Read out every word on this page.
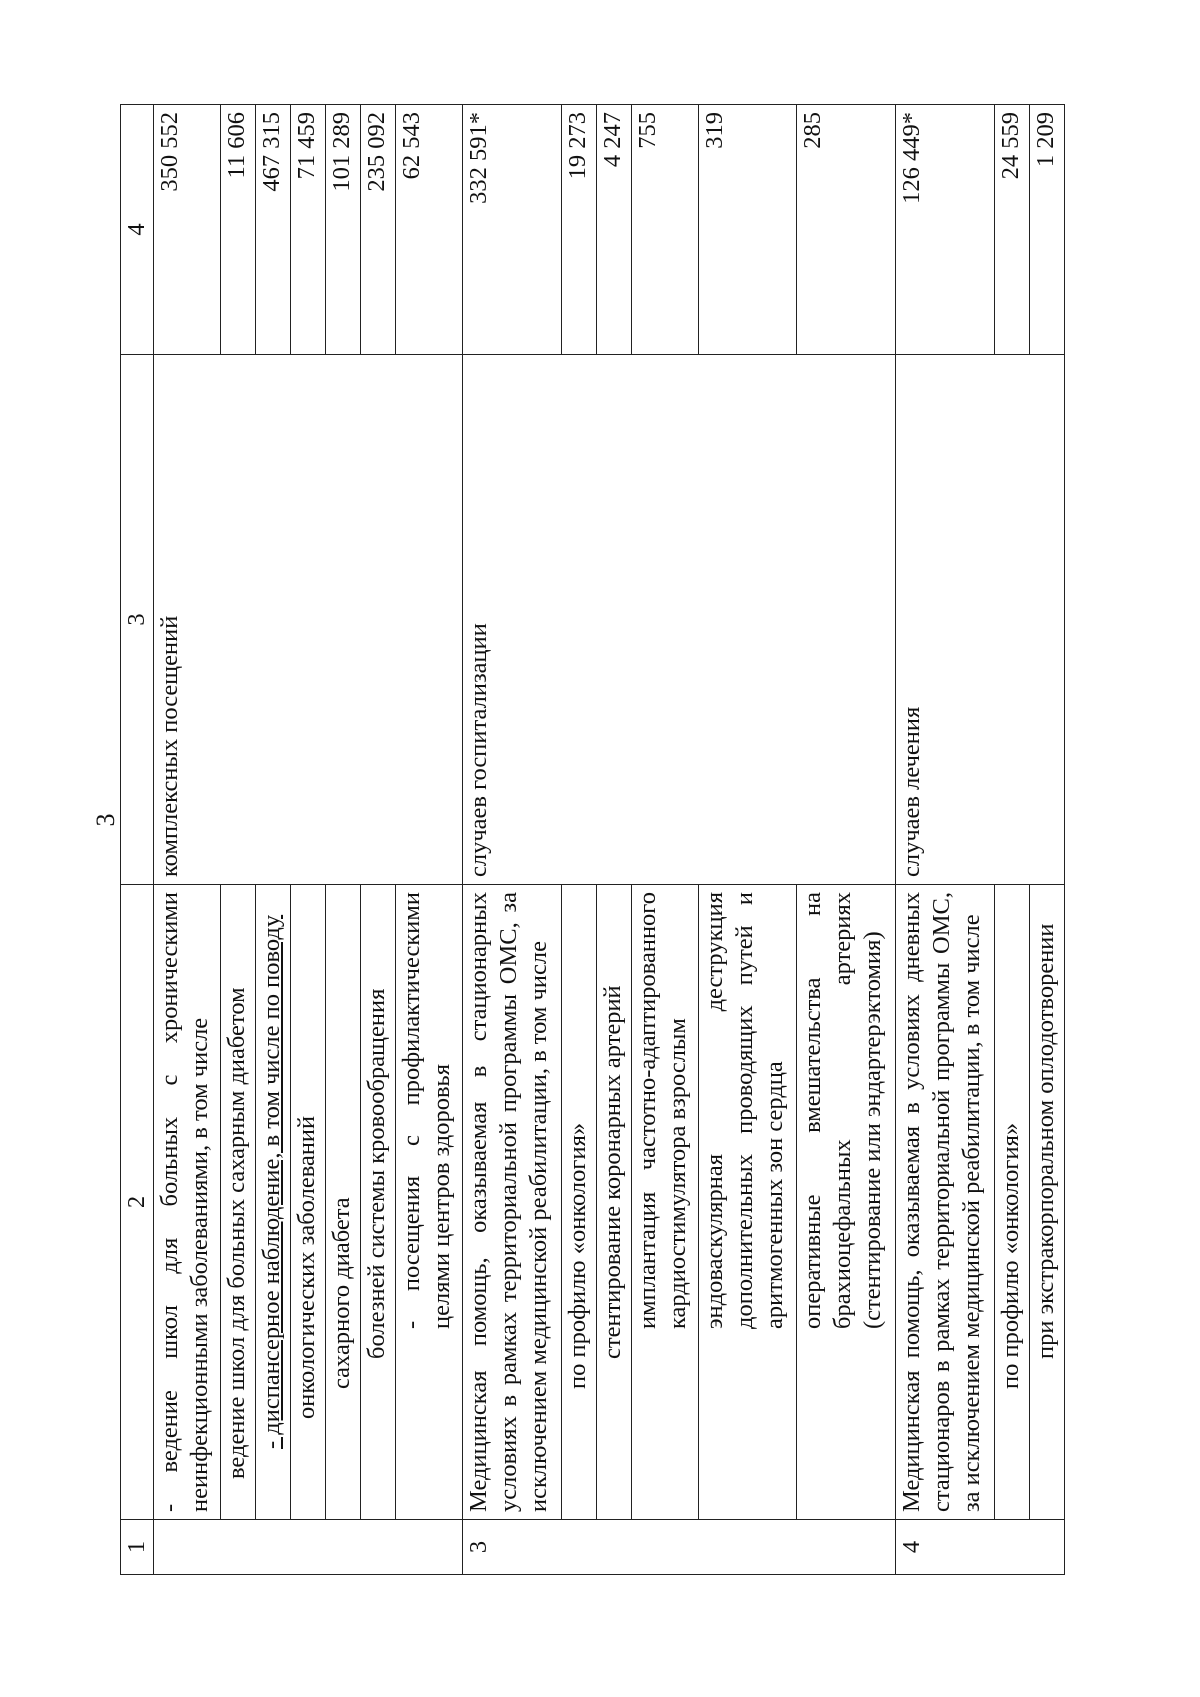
3
1	2	3	4
	- ведение школ для больных с хроническими неинфекционными заболеваниями, в том числе	комплексных посещений	350 552
	ведение школ для больных сахарным диабетом		11 606
	- диспансерное наблюдение, в том числе по поводу		467 315
	онкологических заболеваний		71 459
	сахарного диабета		101 289
	болезней системы кровообращения		235 092
	- посещения с профилактическими целями центров здоровья		62 543
3	Медицинская помощь, оказываемая в стационарных условиях в рамках территориальной программы ОМС, за исключением медицинской реабилитации, в том числе	случаев госпитализации	332 591*
	по профилю «онкология»		19 273
	стентирование коронарных артерий		4 247
	имплантация частотно-адаптированного кардиостимулятора взрослым		755
	эндоваскулярная деструкция дополнительных проводящих путей и аритмогенных зон сердца		319
	оперативные вмешательства на брахиоцефальных артериях (стентирование или эндартерэктомия)		285
4	Медицинская помощь, оказываемая в условиях дневных стационаров в рамках территориальной программы ОМС, за исключением медицинской реабилитации, в том числе	случаев лечения	126 449*
	по профилю «онкология»		24 559
	при экстракорпоральном оплодотворении		1 209
